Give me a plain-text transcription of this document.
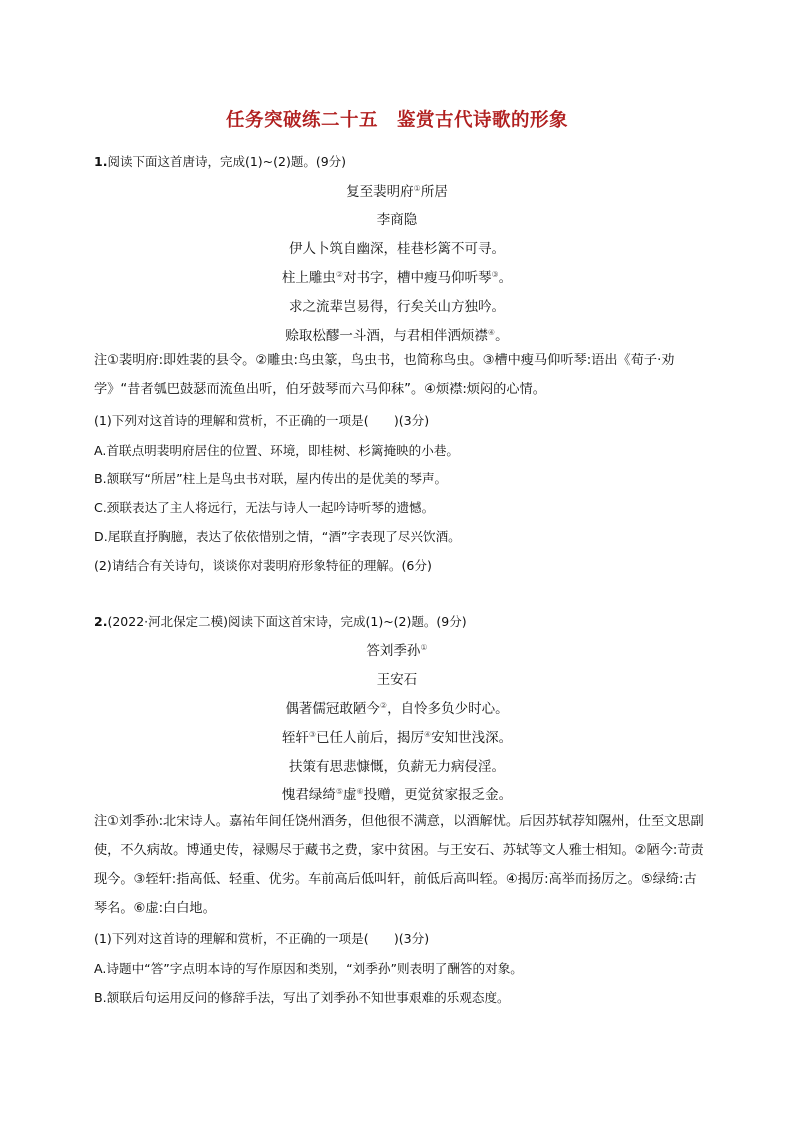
任务突破练二十五　鉴赏古代诗歌的形象
1.阅读下面这首唐诗，完成(1)~(2)题。(9分)
复至裴明府①所居
李商隐
伊人卜筑自幽深，桂巷杉篱不可寻。
柱上雕虫②对书字，槽中瘦马仰听琴③。
求之流辈岂易得，行矣关山方独吟。
赊取松醪一斗酒，与君相伴洒烦襟④。
注①裴明府:即姓裴的县令。②雕虫:鸟虫篆，鸟虫书，也简称鸟虫。③槽中瘦马仰听琴:语出《荀子·劝学》“昔者瓠巴鼓瑟而流鱼出听，伯牙鼓琴而六马仰秣”。④烦襟:烦闷的心情。
(1)下列对这首诗的理解和赏析，不正确的一项是(　　)(3分)
A.首联点明裴明府居住的位置、环境，即桂树、杉篱掩映的小巷。
B.颔联写“所居”柱上是鸟虫书对联，屋内传出的是优美的琴声。
C.颈联表达了主人将远行，无法与诗人一起吟诗听琴的遗憾。
D.尾联直抒胸臆，表达了依依惜别之情，“酒”字表现了尽兴饮酒。
(2)请结合有关诗句，谈谈你对裴明府形象特征的理解。(6分)
2.(2022·河北保定二模)阅读下面这首宋诗，完成(1)~(2)题。(9分)
答刘季孙①
王安石
偶著儒冠敢陋今②，自怜多负少时心。
轾轩③已任人前后，揭厉④安知世浅深。
扶策有思悲慷慨，负薪无力病侵淫。
愧君绿绮⑤虚⑥投赠，更觉贫家报乏金。
注①刘季孙:北宋诗人。嘉祐年间任饶州酒务，但他很不满意，以酒解忧。后因苏轼荐知隰州，仕至文思副使，不久病故。博通史传，禄赐尽于藏书之费，家中贫困。与王安石、苏轼等文人雅士相知。②陋今:苛责现今。③轾轩:指高低、轻重、优劣。车前高后低叫轩，前低后高叫轾。④揭厉:高举而扬厉之。⑤绿绮:古琴名。⑥虚:白白地。
(1)下列对这首诗的理解和赏析，不正确的一项是(　　)(3分)
A.诗题中“答”字点明本诗的写作原因和类别，“刘季孙”则表明了酬答的对象。
B.颔联后句运用反问的修辞手法，写出了刘季孙不知世事艰难的乐观态度。
